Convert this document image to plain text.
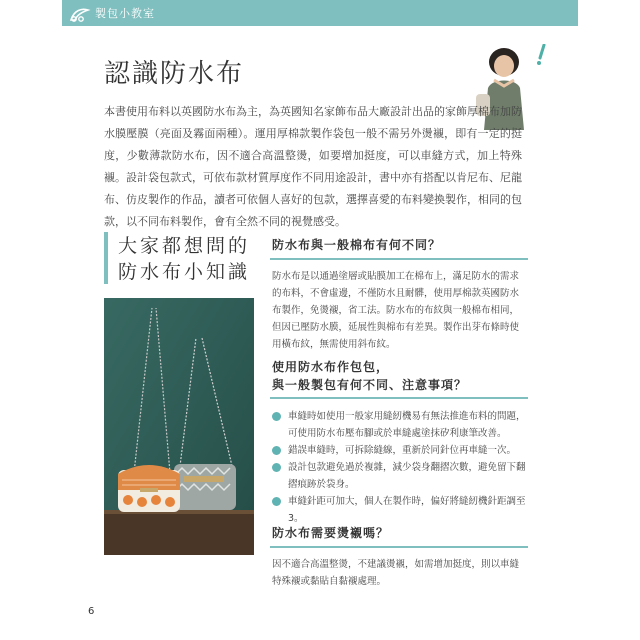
製包小教室
認識防水布

本書使用布料以英國防水布為主，為英國知名家飾布品大廠設計出品的家飾厚棉布加防水膜壓膜（亮面及霧面兩種）。運用厚棉款製作袋包一般不需另外燙襯，即有一定的挺度，少數薄款防水布，因不適合高溫整燙，如要增加挺度，可以車縫方式，加上特殊襯。設計袋包款式，可依布款材質厚度作不同用途設計，書中亦有搭配以肯尼布、尼龍布、仿皮製作的作品，讀者可依個人喜好的包款，選擇喜愛的布料變換製作，相同的包款，以不同布料製作，會有全然不同的視覺感受。

大家都想問的
防水布小知識
防水布與一般棉布有何不同？

防水布是以通過塗層或貼膜加工在棉布上，滿足防水的需求的布料，不會虛邊，不僅防水且耐髒，使用厚棉款英國防水布製作，免燙襯，省工法。防水布的布紋與一般棉布相同，但因已壓防水膜，延展性與棉布有差異。製作出芽布條時使用橫布紋，無需使用斜布紋。

使用防水布作包包，
與一般製包有何不同、注意事項？
車縫時如使用一般家用縫紉機易有無法推進布料的問題，可使用防水布壓布腳或於車縫處塗抹矽利康筆改善。
錯誤車縫時，可拆除縫線，重新於同針位再車縫一次。
設計包款避免過於複雜，減少袋身翻摺次數，避免留下翻摺痕跡於袋身。
車縫針距可加大，個人在製作時，偏好將縫紉機針距調至3。
防水布需要燙襯嗎？

因不適合高溫整燙，不建議燙襯，如需增加挺度，則以車縫特殊襯或黏貼自黏襯處理。

6
